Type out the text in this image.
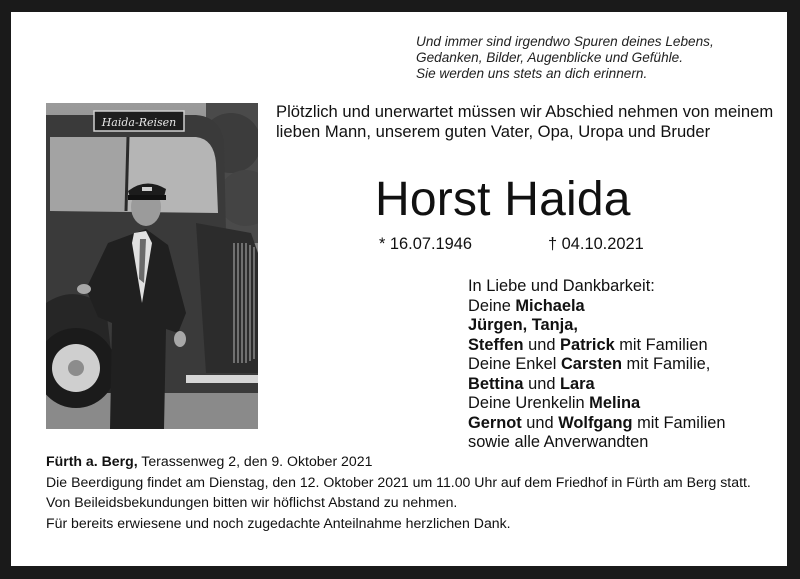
Und immer sind irgendwo Spuren deines Lebens,
Gedanken, Bilder, Augenblicke und Gefühle.
Sie werden uns stets an dich erinnern.
Haida-Reisen
Plötzlich und unerwartet müssen wir Abschied nehmen von meinem lieben Mann, unserem guten Vater, Opa, Uropa und Bruder
Horst Haida
* 16.07.1946	† 04.10.2021
In Liebe und Dankbarkeit:
Deine Michaela
Jürgen, Tanja,
Steffen und Patrick mit Familien
Deine Enkel Carsten mit Familie,
Bettina und Lara
Deine Urenkelin Melina
Gernot und Wolfgang mit Familien
sowie alle Anverwandten
Fürth a. Berg, Terassenweg 2, den 9. Oktober 2021
Die Beerdigung findet am Dienstag, den 12. Oktober 2021 um 11.00 Uhr auf dem Friedhof in Fürth am Berg statt.
Von Beileidsbekundungen bitten wir höflichst Abstand zu nehmen.
Für bereits erwiesene und noch zugedachte Anteilnahme herzlichen Dank.
